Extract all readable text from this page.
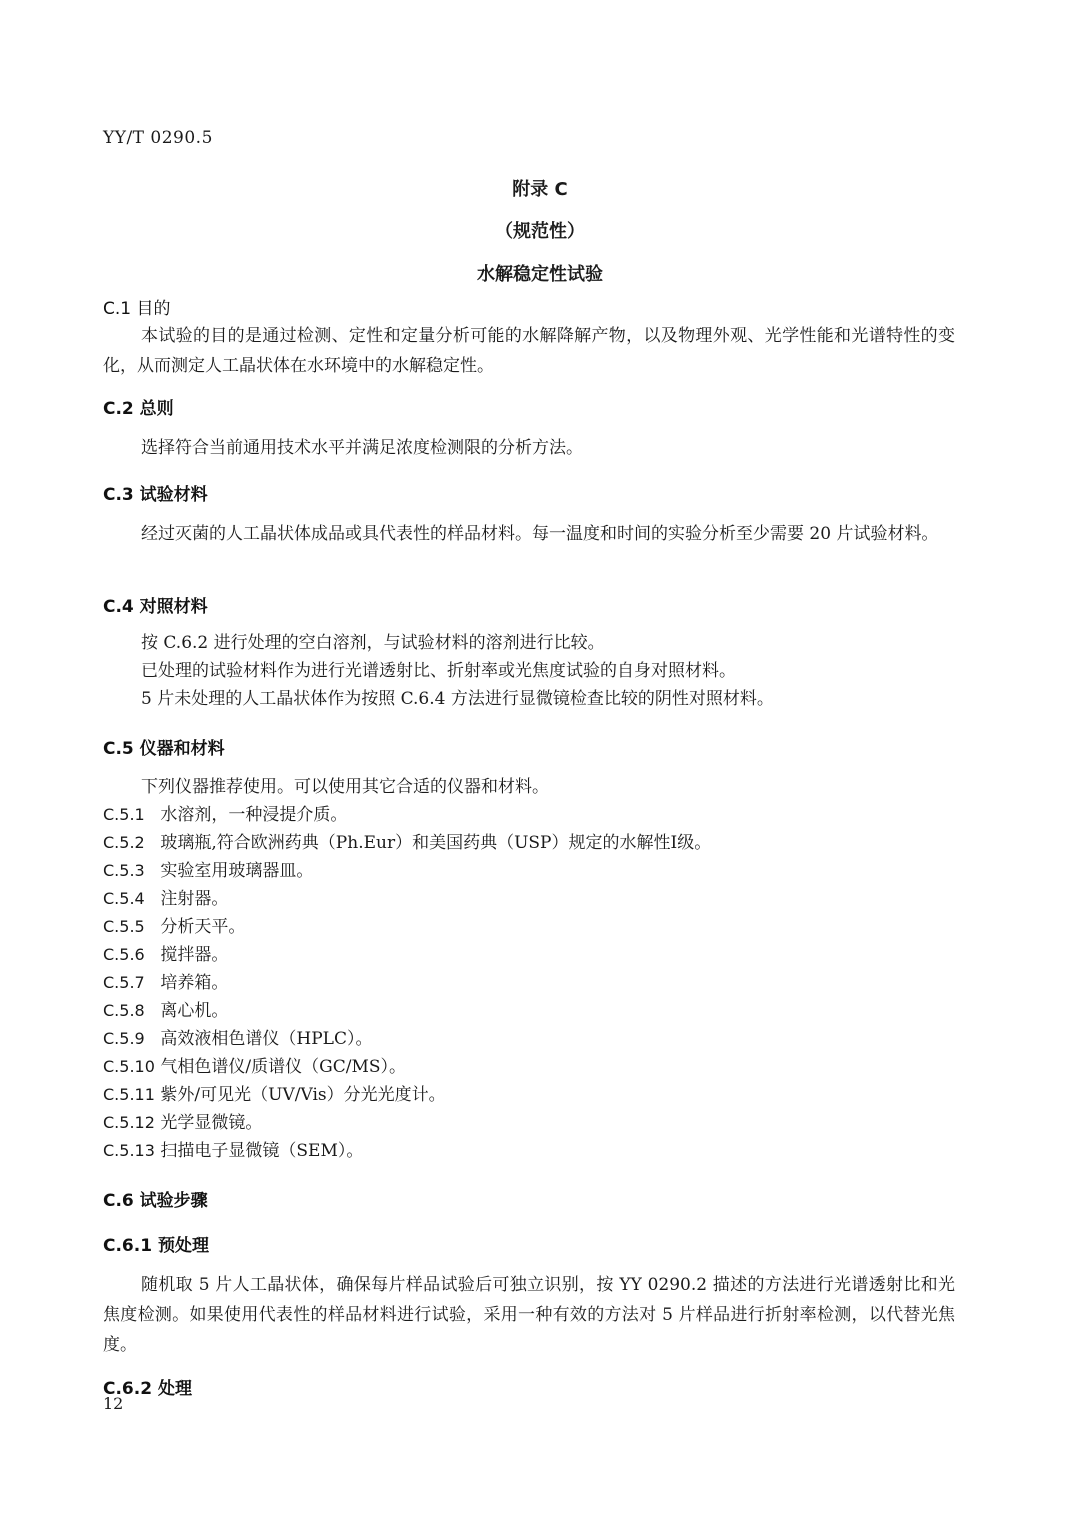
YY/T 0290.5
附录 C
（规范性）
水解稳定性试验
C.1 目的

本试验的目的是通过检测、定性和定量分析可能的水解降解产物，以及物理外观、光学性能和光谱特性的变化，从而测定人工晶状体在水环境中的水解稳定性。

C.2 总则

选择符合当前通用技术水平并满足浓度检测限的分析方法。

C.3 试验材料

经过灭菌的人工晶状体成品或具代表性的样品材料。每一温度和时间的实验分析至少需要 20 片试验材料。

C.4 对照材料

按 C.6.2 进行处理的空白溶剂，与试验材料的溶剂进行比较。

已处理的试验材料作为进行光谱透射比、折射率或光焦度试验的自身对照材料。

5 片未处理的人工晶状体作为按照 C.6.4 方法进行显微镜检查比较的阴性对照材料。

C.5 仪器和材料

下列仪器推荐使用。可以使用其它合适的仪器和材料。

C.5.1 水溶剂，一种浸提介质。

C.5.2 玻璃瓶,符合欧洲药典（Ph.Eur）和美国药典（USP）规定的水解性I级。

C.5.3 实验室用玻璃器皿。

C.5.4 注射器。

C.5.5 分析天平。

C.5.6 搅拌器。

C.5.7 培养箱。

C.5.8 离心机。

C.5.9 高效液相色谱仪（HPLC）。

C.5.10 气相色谱仪/质谱仪（GC/MS）。

C.5.11 紫外/可见光（UV/Vis）分光光度计。

C.5.12 光学显微镜。

C.5.13 扫描电子显微镜（SEM）。

C.6 试验步骤
C.6.1 预处理

随机取 5 片人工晶状体，确保每片样品试验后可独立识别，按 YY 0290.2 描述的方法进行光谱透射比和光焦度检测。如果使用代表性的样品材料进行试验，采用一种有效的方法对 5 片样品进行折射率检测，以代替光焦度。

C.6.2 处理
12
